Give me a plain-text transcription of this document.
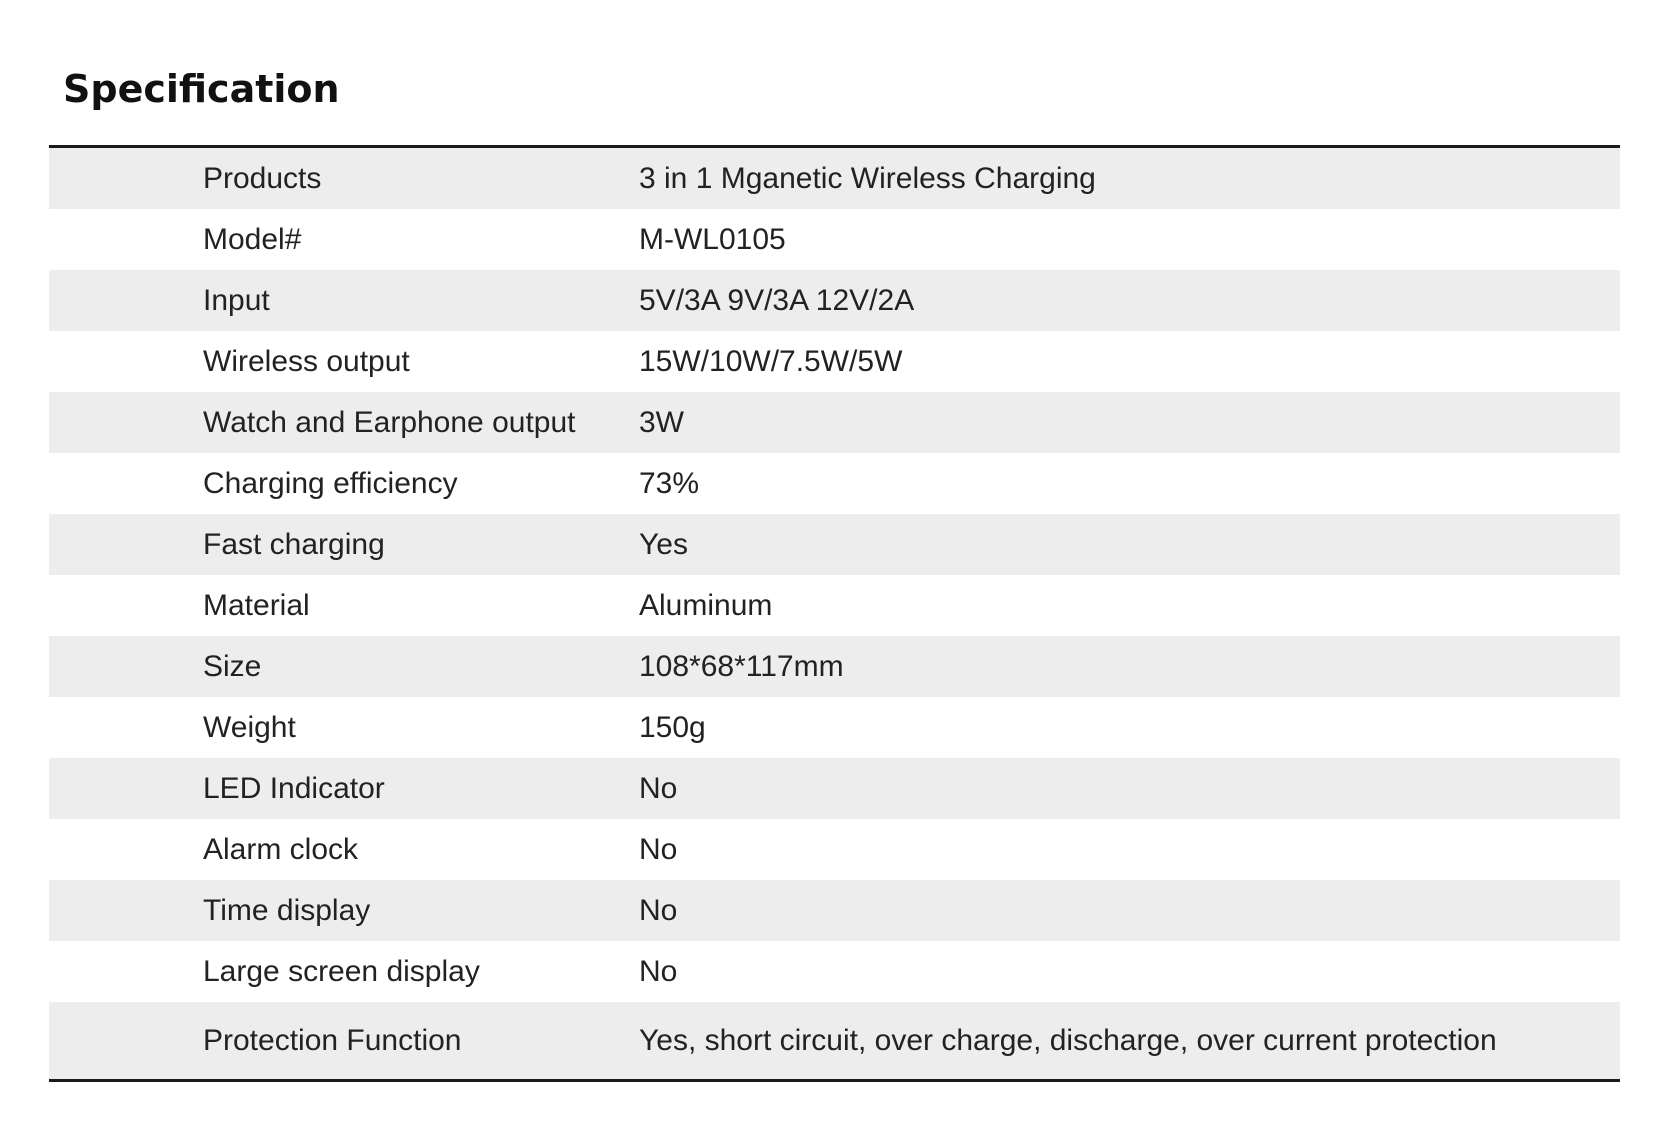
Specification
Products	3 in 1 Mganetic Wireless Charging
Model#	M-WL0105
Input	5V/3A 9V/3A 12V/2A
Wireless output	15W/10W/7.5W/5W
Watch and Earphone output	3W
Charging efficiency	73%
Fast charging	Yes
Material	Aluminum
Size	108*68*117mm
Weight	150g
LED Indicator	No
Alarm clock	No
Time display	No
Large screen display	No
Protection Function	Yes, short circuit, over charge, discharge, over current protection
